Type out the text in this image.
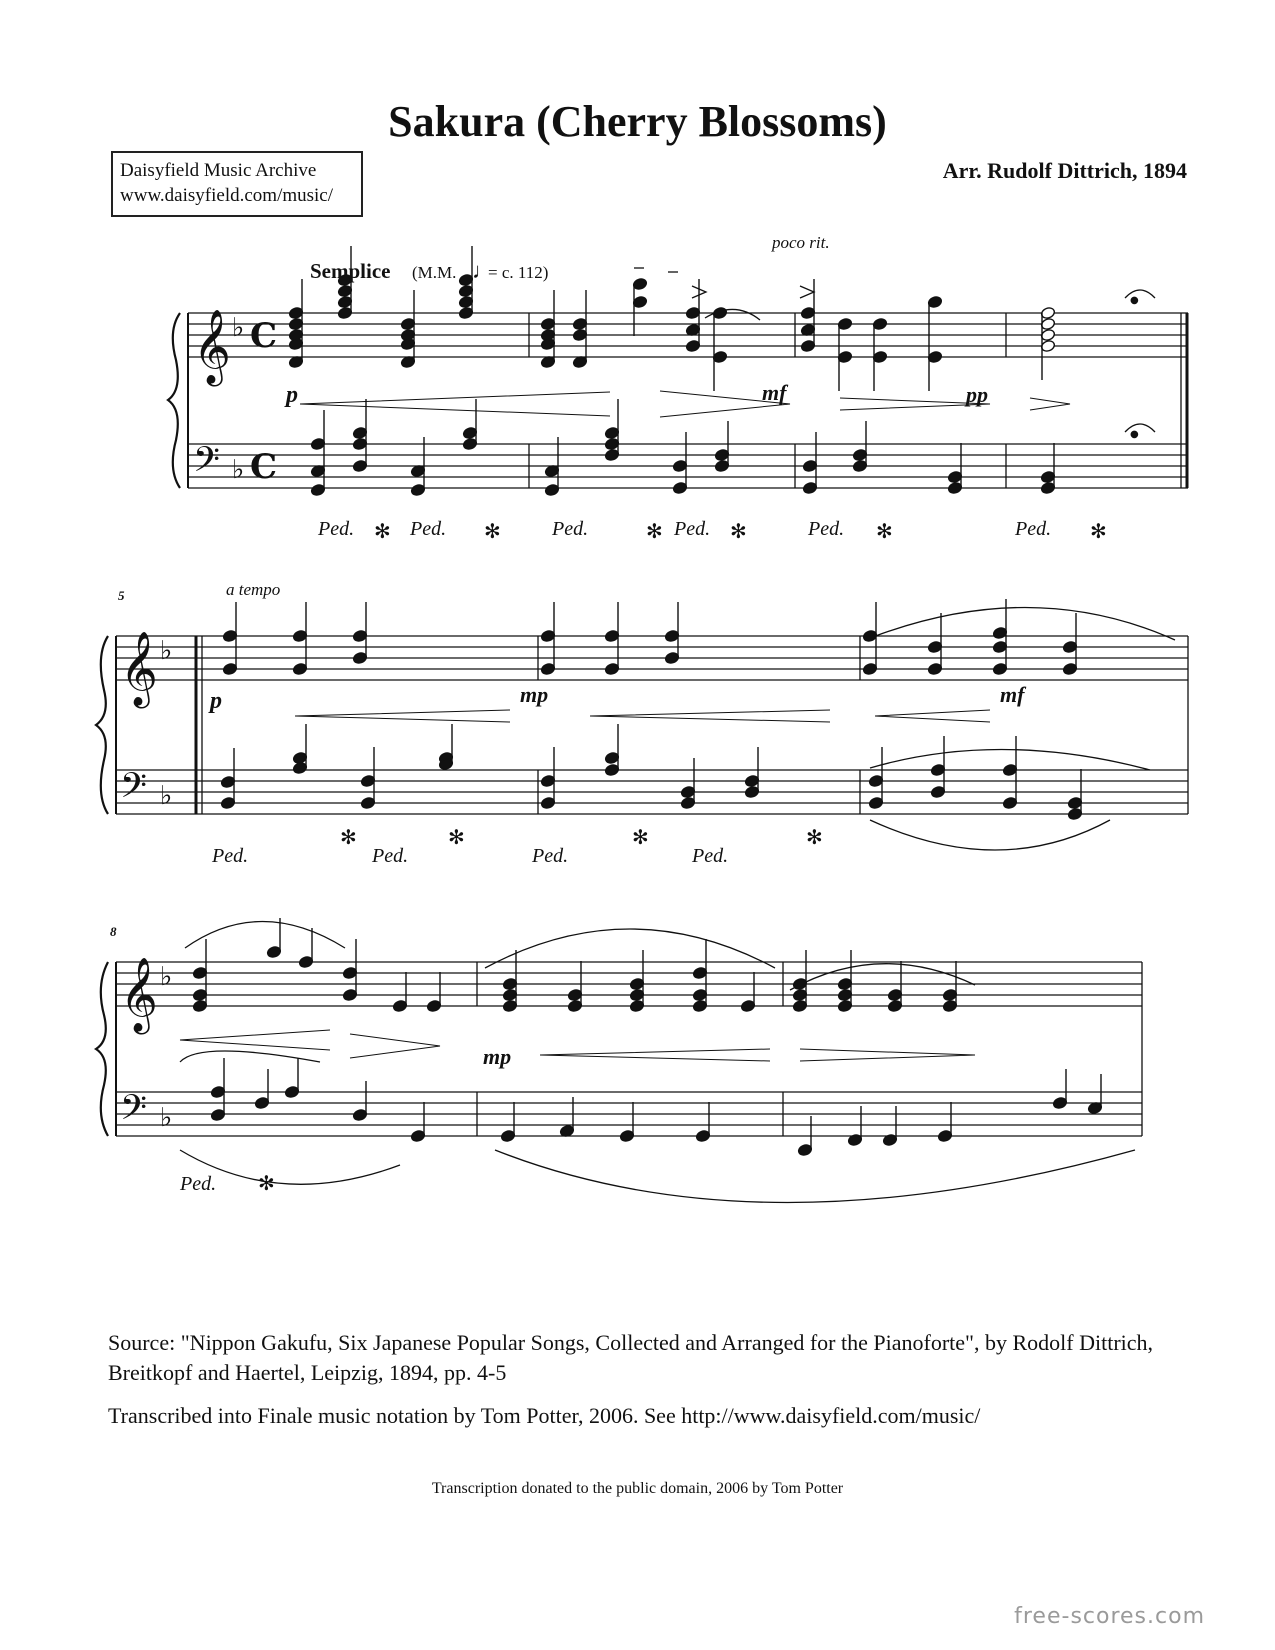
Sakura (Cherry Blossoms)
Daisyfield Music Archive
www.daisyfield.com/music/
Arr. Rudolf Dittrich, 1894
𝄞
𝄢
♭
♭
C
C
𝄞
𝄢
♭
♭
𝄞
𝄢
♭
♭
●
●
Semplice (M.M. ♩
= c. 112)
poco rit.
a tempo
5
8
p	mf	pp
p	mp	mf
mp
Ped.	Ped.	Ped.	Ped.	Ped.	Ped.
Ped.	Ped.	Ped.	Ped.
Ped.
✻	✻	✻	✻	✻	✻
✻	✻	✻	✻
✻
Source: "Nippon Gakufu, Six Japanese Popular Songs, Collected and Arranged for the Pianoforte", by Rodolf Dittrich, Breitkopf and Haertel, Leipzig, 1894, pp. 4-5
Transcribed into Finale music notation by Tom Potter, 2006. See http://www.daisyfield.com/music/
Transcription donated to the public domain, 2006 by Tom Potter
free-scores.com
